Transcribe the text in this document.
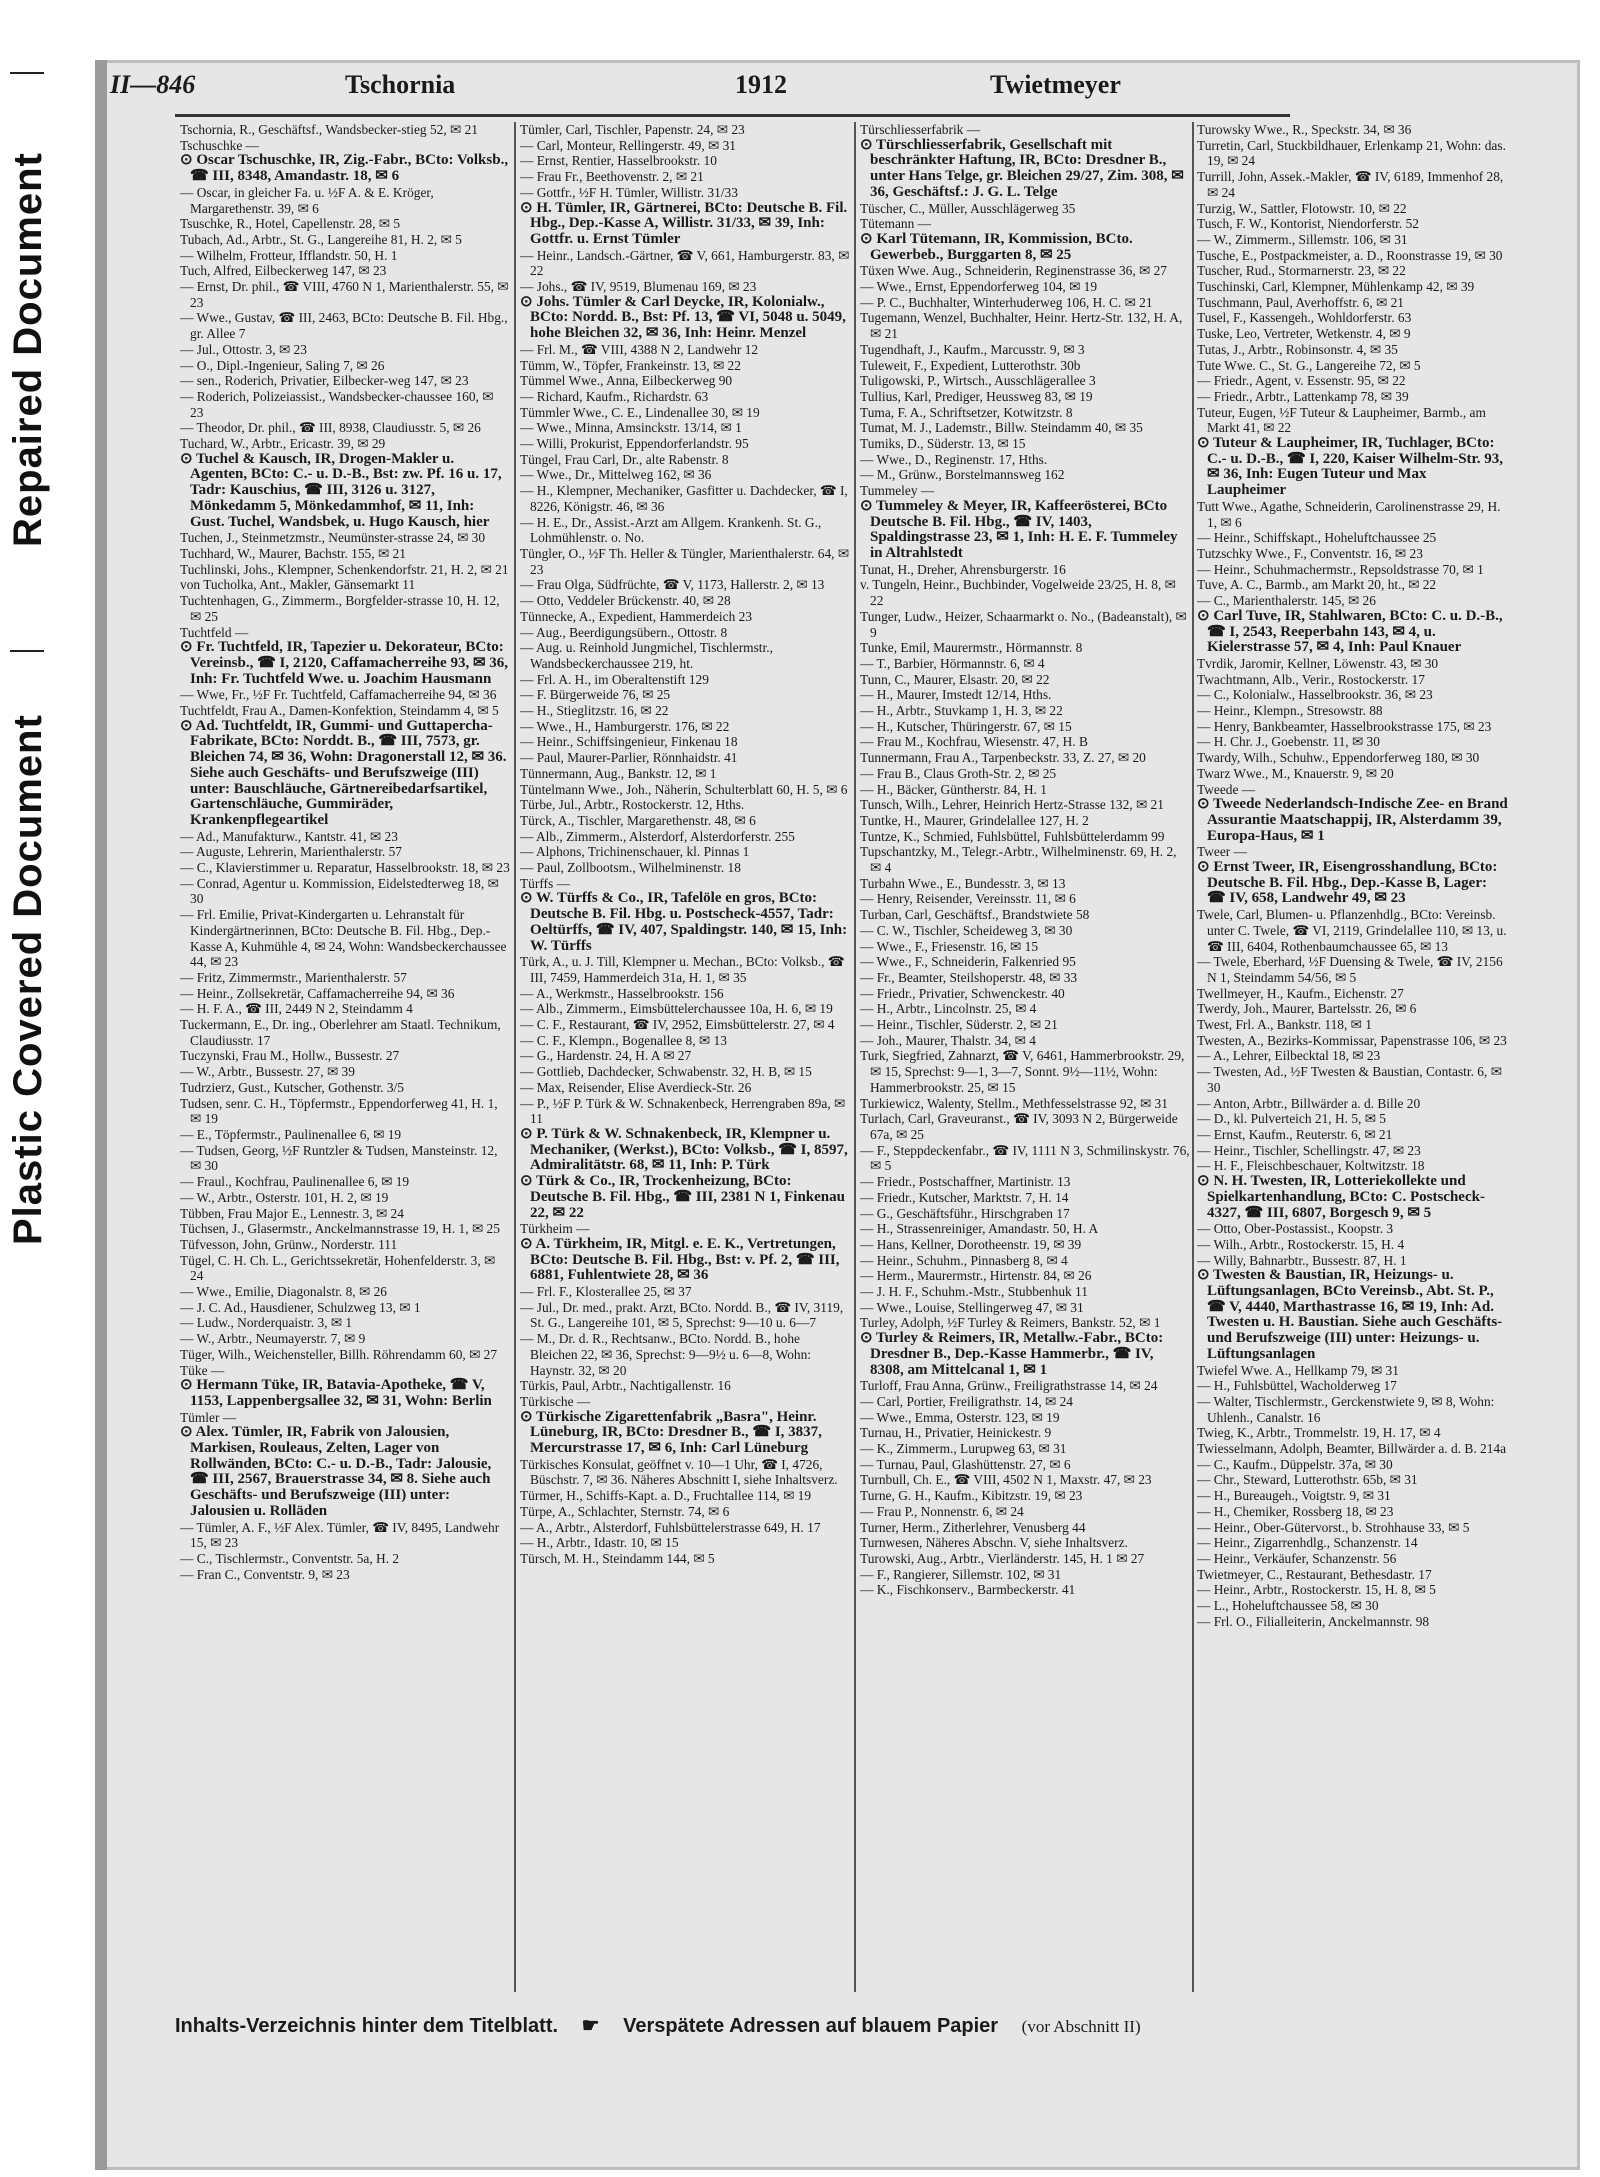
Repaired Document
Plastic Covered Document
II—846	Tschornia	1912	Twietmeyer

Tschornia, R., Geschäftsf., Wandsbecker-stieg 52, ✉ 21

Tschuschke —

⊙ Oscar Tschuschke, IR, Zig.-Fabr., BCto: Volksb., ☎ III, 8348, Amandastr. 18, ✉ 6

— Oscar, in gleicher Fa. u. ½F A. & E. Kröger, Margarethenstr. 39, ✉ 6

Tsuschke, R., Hotel, Capellenstr. 28, ✉ 5

Tubach, Ad., Arbtr., St. G., Langereihe 81, H. 2, ✉ 5

— Wilhelm, Frotteur, Ifflandstr. 50, H. 1

Tuch, Alfred, Eilbeckerweg 147, ✉ 23

— Ernst, Dr. phil., ☎ VIII, 4760 N 1, Marienthalerstr. 55, ✉ 23

— Wwe., Gustav, ☎ III, 2463, BCto: Deutsche B. Fil. Hbg., gr. Allee 7

— Jul., Ottostr. 3, ✉ 23

— O., Dipl.-Ingenieur, Saling 7, ✉ 26

— sen., Roderich, Privatier, Eilbecker-weg 147, ✉ 23

— Roderich, Polizeiassist., Wandsbecker-chaussee 160, ✉ 23

— Theodor, Dr. phil., ☎ III, 8938, Claudiusstr. 5, ✉ 26

Tuchard, W., Arbtr., Ericastr. 39, ✉ 29

⊙ Tuchel & Kausch, IR, Drogen-Makler u. Agenten, BCto: C.- u. D.-B., Bst: zw. Pf. 16 u. 17, Tadr: Kauschius, ☎ III, 3126 u. 3127, Mönkedamm 5, Mönkedammhof, ✉ 11, Inh: Gust. Tuchel, Wandsbek, u. Hugo Kausch, hier

Tuchen, J., Steinmetzmstr., Neumünster-strasse 24, ✉ 30

Tuchhard, W., Maurer, Bachstr. 155, ✉ 21

Tuchlinski, Johs., Klempner, Schenkendorfstr. 21, H. 2, ✉ 21

von Tucholka, Ant., Makler, Gänsemarkt 11

Tuchtenhagen, G., Zimmerm., Borgfelder-strasse 10, H. 12, ✉ 25

Tuchtfeld —

⊙ Fr. Tuchtfeld, IR, Tapezier u. Dekorateur, BCto: Vereinsb., ☎ I, 2120, Caffamacherreihe 93, ✉ 36, Inh: Fr. Tuchtfeld Wwe. u. Joachim Hausmann

— Wwe, Fr., ½F Fr. Tuchtfeld, Caffamacherreihe 94, ✉ 36

Tuchtfeldt, Frau A., Damen-Konfektion, Steindamm 4, ✉ 5

⊙ Ad. Tuchtfeldt, IR, Gummi- und Guttapercha-Fabrikate, BCto: Norddt. B., ☎ III, 7573, gr. Bleichen 74, ✉ 36, Wohn: Dragonerstall 12, ✉ 36. Siehe auch Geschäfts- und Berufszweige (III) unter: Bauschläuche, Gärtnereibedarfsartikel, Gartenschläuche, Gummiräder, Krankenpflegeartikel

— Ad., Manufakturw., Kantstr. 41, ✉ 23

— Auguste, Lehrerin, Marienthalerstr. 57

— C., Klavierstimmer u. Reparatur, Hasselbrookstr. 18, ✉ 23

— Conrad, Agentur u. Kommission, Eidelstedterweg 18, ✉ 30

— Frl. Emilie, Privat-Kindergarten u. Lehranstalt für Kindergärtnerinnen, BCto: Deutsche B. Fil. Hbg., Dep.-Kasse A, Kuhmühle 4, ✉ 24, Wohn: Wandsbeckerchaussee 44, ✉ 23

— Fritz, Zimmermstr., Marienthalerstr. 57

— Heinr., Zollsekretär, Caffamacherreihe 94, ✉ 36

— H. F. A., ☎ III, 2449 N 2, Steindamm 4

Tuckermann, E., Dr. ing., Oberlehrer am Staatl. Technikum, Claudiusstr. 17

Tuczynski, Frau M., Hollw., Bussestr. 27

— W., Arbtr., Bussestr. 27, ✉ 39

Tudrzierz, Gust., Kutscher, Gothenstr. 3/5

Tudsen, senr. C. H., Töpfermstr., Eppendorferweg 41, H. 1, ✉ 19

— E., Töpfermstr., Paulinenallee 6, ✉ 19

— Tudsen, Georg, ½F Runtzler & Tudsen, Mansteinstr. 12, ✉ 30

— Fraul., Kochfrau, Paulinenallee 6, ✉ 19

— W., Arbtr., Osterstr. 101, H. 2, ✉ 19

Tübben, Frau Major E., Lennestr. 3, ✉ 24

Tüchsen, J., Glasermstr., Anckelmannstrasse 19, H. 1, ✉ 25

Tüfvesson, John, Grünw., Norderstr. 111

Tügel, C. H. Ch. L., Gerichtssekretär, Hohenfelderstr. 3, ✉ 24

— Wwe., Emilie, Diagonalstr. 8, ✉ 26

— J. C. Ad., Hausdiener, Schulzweg 13, ✉ 1

— Ludw., Norderquaistr. 3, ✉ 1

— W., Arbtr., Neumayerstr. 7, ✉ 9

Tüger, Wilh., Weichensteller, Billh. Röhrendamm 60, ✉ 27

Tüke —

⊙ Hermann Tüke, IR, Batavia-Apotheke, ☎ V, 1153, Lappenbergsallee 32, ✉ 31, Wohn: Berlin

Tümler —

⊙ Alex. Tümler, IR, Fabrik von Jalousien, Markisen, Rouleaus, Zelten, Lager von Rollwänden, BCto: C.- u. D.-B., Tadr: Jalousie, ☎ III, 2567, Brauerstrasse 34, ✉ 8. Siehe auch Geschäfts- und Berufszweige (III) unter: Jalousien u. Rolläden

— Tümler, A. F., ½F Alex. Tümler, ☎ IV, 8495, Landwehr 15, ✉ 23

— C., Tischlermstr., Conventstr. 5a, H. 2

— Fran C., Conventstr. 9, ✉ 23

Tümler, Carl, Tischler, Papenstr. 24, ✉ 23

— Carl, Monteur, Rellingerstr. 49, ✉ 31

— Ernst, Rentier, Hasselbrookstr. 10

— Frau Fr., Beethovenstr. 2, ✉ 21

— Gottfr., ½F H. Tümler, Willistr. 31/33

⊙ H. Tümler, IR, Gärtnerei, BCto: Deutsche B. Fil. Hbg., Dep.-Kasse A, Willistr. 31/33, ✉ 39, Inh: Gottfr. u. Ernst Tümler

— Heinr., Landsch.-Gärtner, ☎ V, 661, Hamburgerstr. 83, ✉ 22

— Johs., ☎ IV, 9519, Blumenau 169, ✉ 23

⊙ Johs. Tümler & Carl Deycke, IR, Kolonialw., BCto: Nordd. B., Bst: Pf. 13, ☎ VI, 5048 u. 5049, hohe Bleichen 32, ✉ 36, Inh: Heinr. Menzel

— Frl. M., ☎ VIII, 4388 N 2, Landwehr 12

Tümm, W., Töpfer, Frankeinstr. 13, ✉ 22

Tümmel Wwe., Anna, Eilbeckerweg 90

— Richard, Kaufm., Richardstr. 63

Tümmler Wwe., C. E., Lindenallee 30, ✉ 19

— Wwe., Minna, Amsinckstr. 13/14, ✉ 1

— Willi, Prokurist, Eppendorferlandstr. 95

Tüngel, Frau Carl, Dr., alte Rabenstr. 8

— Wwe., Dr., Mittelweg 162, ✉ 36

— H., Klempner, Mechaniker, Gasfitter u. Dachdecker, ☎ I, 8226, Königstr. 46, ✉ 36

— H. E., Dr., Assist.-Arzt am Allgem. Krankenh. St. G., Lohmühlenstr. o. No.

Tüngler, O., ½F Th. Heller & Tüngler, Marienthalerstr. 64, ✉ 23

— Frau Olga, Südfrüchte, ☎ V, 1173, Hallerstr. 2, ✉ 13

— Otto, Veddeler Brückenstr. 40, ✉ 28

Tünnecke, A., Expedient, Hammerdeich 23

— Aug., Beerdigungsübern., Ottostr. 8

— Aug. u. Reinhold Jungmichel, Tischlermstr., Wandsbeckerchaussee 219, ht.

— Frl. A. H., im Oberaltenstift 129

— F. Bürgerweide 76, ✉ 25

— H., Stieglitzstr. 16, ✉ 22

— Wwe., H., Hamburgerstr. 176, ✉ 22

— Heinr., Schiffsingenieur, Finkenau 18

— Paul, Maurer-Parlier, Rönnhaidstr. 41

Tünnermann, Aug., Bankstr. 12, ✉ 1

Tüntelmann Wwe., Joh., Näherin, Schulterblatt 60, H. 5, ✉ 6

Türbe, Jul., Arbtr., Rostockerstr. 12, Hths.

Türck, A., Tischler, Margarethenstr. 48, ✉ 6

— Alb., Zimmerm., Alsterdorf, Alsterdorferstr. 255

— Alphons, Trichinenschauer, kl. Pinnas 1

— Paul, Zollbootsm., Wilhelminenstr. 18

Türffs —

⊙ W. Türffs & Co., IR, Tafelöle en gros, BCto: Deutsche B. Fil. Hbg. u. Postscheck-4557, Tadr: Oeltürffs, ☎ IV, 407, Spaldingstr. 140, ✉ 15, Inh: W. Türffs

Türk, A., u. J. Till, Klempner u. Mechan., BCto: Volksb., ☎ III, 7459, Hammerdeich 31a, H. 1, ✉ 35

— A., Werkmstr., Hasselbrookstr. 156

— Alb., Zimmerm., Eimsbüttelerchaussee 10a, H. 6, ✉ 19

— C. F., Restaurant, ☎ IV, 2952, Eimsbüttelerstr. 27, ✉ 4

— C. F., Klempn., Bogenallee 8, ✉ 13

— G., Hardenstr. 24, H. A ✉ 27

— Gottlieb, Dachdecker, Schwabenstr. 32, H. B, ✉ 15

— Max, Reisender, Elise Averdieck-Str. 26

— P., ½F P. Türk & W. Schnakenbeck, Herrengraben 89a, ✉ 11

⊙ P. Türk & W. Schnakenbeck, IR, Klempner u. Mechaniker, (Werkst.), BCto: Volksb., ☎ I, 8597, Admiralitätstr. 68, ✉ 11, Inh: P. Türk

⊙ Türk & Co., IR, Trockenheizung, BCto: Deutsche B. Fil. Hbg., ☎ III, 2381 N 1, Finkenau 22, ✉ 22

Türkheim —

⊙ A. Türkheim, IR, Mitgl. e. E. K., Vertretungen, BCto: Deutsche B. Fil. Hbg., Bst: v. Pf. 2, ☎ III, 6881, Fuhlentwiete 28, ✉ 36

— Frl. F., Klosterallee 25, ✉ 37

— Jul., Dr. med., prakt. Arzt, BCto. Nordd. B., ☎ IV, 3119, St. G., Langereihe 101, ✉ 5, Sprechst: 9—10 u. 6—7

— M., Dr. d. R., Rechtsanw., BCto. Nordd. B., hohe Bleichen 22, ✉ 36, Sprechst: 9—9½ u. 6—8, Wohn: Haynstr. 32, ✉ 20

Türkis, Paul, Arbtr., Nachtigallenstr. 16

Türkische —

⊙ Türkische Zigarettenfabrik „Basra", Heinr. Lüneburg, IR, BCto: Dresdner B., ☎ I, 3837, Mercurstrasse 17, ✉ 6, Inh: Carl Lüneburg

Türkisches Konsulat, geöffnet v. 10—1 Uhr, ☎ I, 4726, Büschstr. 7, ✉ 36. Näheres Abschnitt I, siehe Inhaltsverz.

Türmer, H., Schiffs-Kapt. a. D., Fruchtallee 114, ✉ 19

Türpe, A., Schlachter, Sternstr. 74, ✉ 6

— A., Arbtr., Alsterdorf, Fuhlsbüttelerstrasse 649, H. 17

— H., Arbtr., Idastr. 10, ✉ 15

Türsch, M. H., Steindamm 144, ✉ 5

Türschliesserfabrik —

⊙ Türschliesserfabrik, Gesellschaft mit beschränkter Haftung, IR, BCto: Dresdner B., unter Hans Telge, gr. Bleichen 29/27, Zim. 308, ✉ 36, Geschäftsf.: J. G. L. Telge

Tüscher, C., Müller, Ausschlägerweg 35

Tütemann —

⊙ Karl Tütemann, IR, Kommission, BCto. Gewerbeb., Burggarten 8, ✉ 25

Tüxen Wwe. Aug., Schneiderin, Reginenstrasse 36, ✉ 27

— Wwe., Ernst, Eppendorferweg 104, ✉ 19

— P. C., Buchhalter, Winterhuderweg 106, H. C. ✉ 21

Tugemann, Wenzel, Buchhalter, Heinr. Hertz-Str. 132, H. A, ✉ 21

Tugendhaft, J., Kaufm., Marcusstr. 9, ✉ 3

Tuleweit, F., Expedient, Lutterothstr. 30b

Tuligowski, P., Wirtsch., Ausschlägerallee 3

Tullius, Karl, Prediger, Heussweg 83, ✉ 19

Tuma, F. A., Schriftsetzer, Kotwitzstr. 8

Tumat, M. J., Lademstr., Billw. Steindamm 40, ✉ 35

Tumiks, D., Süderstr. 13, ✉ 15

— Wwe., D., Reginenstr. 17, Hths.

— M., Grünw., Borstelmannsweg 162

Tummeley —

⊙ Tummeley & Meyer, IR, Kaffeerösterei, BCto Deutsche B. Fil. Hbg., ☎ IV, 1403, Spaldingstrasse 23, ✉ 1, Inh: H. E. F. Tummeley in Altrahlstedt

Tunat, H., Dreher, Ahrensburgerstr. 16

v. Tungeln, Heinr., Buchbinder, Vogelweide 23/25, H. 8, ✉ 22

Tunger, Ludw., Heizer, Schaarmarkt o. No., (Badeanstalt), ✉ 9

Tunke, Emil, Maurermstr., Hörmannstr. 8

— T., Barbier, Hörmannstr. 6, ✉ 4

Tunn, C., Maurer, Elsastr. 20, ✉ 22

— H., Maurer, Imstedt 12/14, Hths.

— H., Arbtr., Stuvkamp 1, H. 3, ✉ 22

— H., Kutscher, Thüringerstr. 67, ✉ 15

— Frau M., Kochfrau, Wiesenstr. 47, H. B

Tunnermann, Frau A., Tarpenbeckstr. 33, Z. 27, ✉ 20

— Frau B., Claus Groth-Str. 2, ✉ 25

— H., Bäcker, Güntherstr. 84, H. 1

Tunsch, Wilh., Lehrer, Heinrich Hertz-Strasse 132, ✉ 21

Tuntke, H., Maurer, Grindelallee 127, H. 2

Tuntze, K., Schmied, Fuhlsbüttel, Fuhlsbüttelerdamm 99

Tupschantzky, M., Telegr.-Arbtr., Wilhelminenstr. 69, H. 2, ✉ 4

Turbahn Wwe., E., Bundesstr. 3, ✉ 13

— Henry, Reisender, Vereinsstr. 11, ✉ 6

Turban, Carl, Geschäftsf., Brandstwiete 58

— C. W., Tischler, Scheideweg 3, ✉ 30

— Wwe., F., Friesenstr. 16, ✉ 15

— Wwe., F., Schneiderin, Falkenried 95

— Fr., Beamter, Steilshoperstr. 48, ✉ 33

— Friedr., Privatier, Schwenckestr. 40

— H., Arbtr., Lincolnstr. 25, ✉ 4

— Heinr., Tischler, Süderstr. 2, ✉ 21

— Joh., Maurer, Thalstr. 34, ✉ 4

Turk, Siegfried, Zahnarzt, ☎ V, 6461, Hammerbrookstr. 29, ✉ 15, Sprechst: 9—1, 3—7, Sonnt. 9½—11½, Wohn: Hammerbrookstr. 25, ✉ 15

Turkiewicz, Walenty, Stellm., Methfesselstrasse 92, ✉ 31

Turlach, Carl, Graveuranst., ☎ IV, 3093 N 2, Bürgerweide 67a, ✉ 25

— F., Steppdeckenfabr., ☎ IV, 1111 N 3, Schmilinskystr. 76, ✉ 5

— Friedr., Postschaffner, Martinistr. 13

— Friedr., Kutscher, Marktstr. 7, H. 14

— G., Geschäftsführ., Hirschgraben 17

— H., Strassenreiniger, Amandastr. 50, H. A

— Hans, Kellner, Dorotheenstr. 19, ✉ 39

— Heinr., Schuhm., Pinnasberg 8, ✉ 4

— Herm., Maurermstr., Hirtenstr. 84, ✉ 26

— J. H. F., Schuhm.-Mstr., Stubbenhuk 11

— Wwe., Louise, Stellingerweg 47, ✉ 31

Turley, Adolph, ½F Turley & Reimers, Bankstr. 52, ✉ 1

⊙ Turley & Reimers, IR, Metallw.-Fabr., BCto: Dresdner B., Dep.-Kasse Hammerbr., ☎ IV, 8308, am Mittelcanal 1, ✉ 1

Turloff, Frau Anna, Grünw., Freiligrathstrasse 14, ✉ 24

— Carl, Portier, Freiligrathstr. 14, ✉ 24

— Wwe., Emma, Osterstr. 123, ✉ 19

Turnau, H., Privatier, Heinickestr. 9

— K., Zimmerm., Lurupweg 63, ✉ 31

— Turnau, Paul, Glashüttenstr. 27, ✉ 6

Turnbull, Ch. E., ☎ VIII, 4502 N 1, Maxstr. 47, ✉ 23

Turne, G. H., Kaufm., Kibitzstr. 19, ✉ 23

— Frau P., Nonnenstr. 6, ✉ 24

Turner, Herm., Zitherlehrer, Venusberg 44

Turnwesen, Näheres Abschn. V, siehe Inhaltsverz.

Turowski, Aug., Arbtr., Vierländerstr. 145, H. 1 ✉ 27

— F., Rangierer, Sillemstr. 102, ✉ 31

— K., Fischkonserv., Barmbeckerstr. 41

Turowsky Wwe., R., Speckstr. 34, ✉ 36

Turretin, Carl, Stuckbildhauer, Erlenkamp 21, Wohn: das. 19, ✉ 24

Turrill, John, Assek.-Makler, ☎ IV, 6189, Immenhof 28, ✉ 24

Turzig, W., Sattler, Flotowstr. 10, ✉ 22

Tusch, F. W., Kontorist, Niendorferstr. 52

— W., Zimmerm., Sillemstr. 106, ✉ 31

Tusche, E., Postpackmeister, a. D., Roonstrasse 19, ✉ 30

Tuscher, Rud., Stormarnerstr. 23, ✉ 22

Tuschinski, Carl, Klempner, Mühlenkamp 42, ✉ 39

Tuschmann, Paul, Averhoffstr. 6, ✉ 21

Tusel, F., Kassengeh., Wohldorferstr. 63

Tuske, Leo, Vertreter, Wetkenstr. 4, ✉ 9

Tutas, J., Arbtr., Robinsonstr. 4, ✉ 35

Tute Wwe. C., St. G., Langereihe 72, ✉ 5

— Friedr., Agent, v. Essenstr. 95, ✉ 22

— Friedr., Arbtr., Lattenkamp 78, ✉ 39

Tuteur, Eugen, ½F Tuteur & Laupheimer, Barmb., am Markt 41, ✉ 22

⊙ Tuteur & Laupheimer, IR, Tuchlager, BCto: C.- u. D.-B., ☎ I, 220, Kaiser Wilhelm-Str. 93, ✉ 36, Inh: Eugen Tuteur und Max Laupheimer

Tutt Wwe., Agathe, Schneiderin, Carolinenstrasse 29, H. 1, ✉ 6

— Heinr., Schiffskapt., Hoheluftchaussee 25

Tutzschky Wwe., F., Conventstr. 16, ✉ 23

— Heinr., Schuhmachermstr., Repsoldstrasse 70, ✉ 1

Tuve, A. C., Barmb., am Markt 20, ht., ✉ 22

— C., Marienthalerstr. 145, ✉ 26

⊙ Carl Tuve, IR, Stahlwaren, BCto: C. u. D.-B., ☎ I, 2543, Reeperbahn 143, ✉ 4, u. Kielerstrasse 57, ✉ 4, Inh: Paul Knauer

Tvrdik, Jaromir, Kellner, Löwenstr. 43, ✉ 30

Twachtmann, Alb., Verir., Rostockerstr. 17

— C., Kolonialw., Hasselbrookstr. 36, ✉ 23

— Heinr., Klempn., Stresowstr. 88

— Henry, Bankbeamter, Hasselbrookstrasse 175, ✉ 23

— H. Chr. J., Goebenstr. 11, ✉ 30

Twardy, Wilh., Schuhw., Eppendorferweg 180, ✉ 30

Twarz Wwe., M., Knauerstr. 9, ✉ 20

Tweede —

⊙ Tweede Nederlandsch-Indische Zee- en Brand Assurantie Maatschappij, IR, Alsterdamm 39, Europa-Haus, ✉ 1

Tweer —

⊙ Ernst Tweer, IR, Eisengrosshandlung, BCto: Deutsche B. Fil. Hbg., Dep.-Kasse B, Lager: ☎ IV, 658, Landwehr 49, ✉ 23

Twele, Carl, Blumen- u. Pflanzenhdlg., BCto: Vereinsb. unter C. Twele, ☎ VI, 2119, Grindelallee 110, ✉ 13, u. ☎ III, 6404, Rothenbaumchaussee 65, ✉ 13

— Twele, Eberhard, ½F Duensing & Twele, ☎ IV, 2156 N 1, Steindamm 54/56, ✉ 5

Twellmeyer, H., Kaufm., Eichenstr. 27

Twerdy, Joh., Maurer, Bartelsstr. 26, ✉ 6

Twest, Frl. A., Bankstr. 118, ✉ 1

Twesten, A., Bezirks-Kommissar, Papenstrasse 106, ✉ 23

— A., Lehrer, Eilbecktal 18, ✉ 23

— Twesten, Ad., ½F Twesten & Baustian, Contastr. 6, ✉ 30

— Anton, Arbtr., Billwärder a. d. Bille 20

— D., kl. Pulverteich 21, H. 5, ✉ 5

— Ernst, Kaufm., Reuterstr. 6, ✉ 21

— Heinr., Tischler, Schellingstr. 47, ✉ 23

— H. F., Fleischbeschauer, Koltwitzstr. 18

⊙ N. H. Twesten, IR, Lotteriekollekte und Spielkartenhandlung, BCto: C. Postscheck- 4327, ☎ III, 6807, Borgesch 9, ✉ 5

— Otto, Ober-Postassist., Koopstr. 3

— Wilh., Arbtr., Rostockerstr. 15, H. 4

— Willy, Bahnarbtr., Bussestr. 87, H. 1

⊙ Twesten & Baustian, IR, Heizungs- u. Lüftungsanlagen, BCto Vereinsb., Abt. St. P., ☎ V, 4440, Marthastrasse 16, ✉ 19, Inh: Ad. Twesten u. H. Baustian. Siehe auch Geschäfts- und Berufszweige (III) unter: Heizungs- u. Lüftungsanlagen

Twiefel Wwe. A., Hellkamp 79, ✉ 31

— H., Fuhlsbüttel, Wacholderweg 17

— Walter, Tischlermstr., Gerckenstwiete 9, ✉ 8, Wohn: Uhlenh., Canalstr. 16

Twieg, K., Arbtr., Trommelstr. 19, H. 17, ✉ 4

Twiesselmann, Adolph, Beamter, Billwärder a. d. B. 214a

— C., Kaufm., Düppelstr. 37a, ✉ 30

— Chr., Steward, Lutterothstr. 65b, ✉ 31

— H., Bureaugeh., Voigtstr. 9, ✉ 31

— H., Chemiker, Rossberg 18, ✉ 23

— Heinr., Ober-Gütervorst., b. Strohhause 33, ✉ 5

— Heinr., Zigarrenhdlg., Schanzenstr. 14

— Heinr., Verkäufer, Schanzenstr. 56

Twietmeyer, C., Restaurant, Bethesdastr. 17

— Heinr., Arbtr., Rostockerstr. 15, H. 8, ✉ 5

— L., Hoheluftchaussee 58, ✉ 30

— Frl. O., Filialleiterin, Anckelmannstr. 98

Inhalts-Verzeichnis hinter dem Titelblatt. ☛ Verspätete Adressen auf blauem Papier (vor Abschnitt II)
